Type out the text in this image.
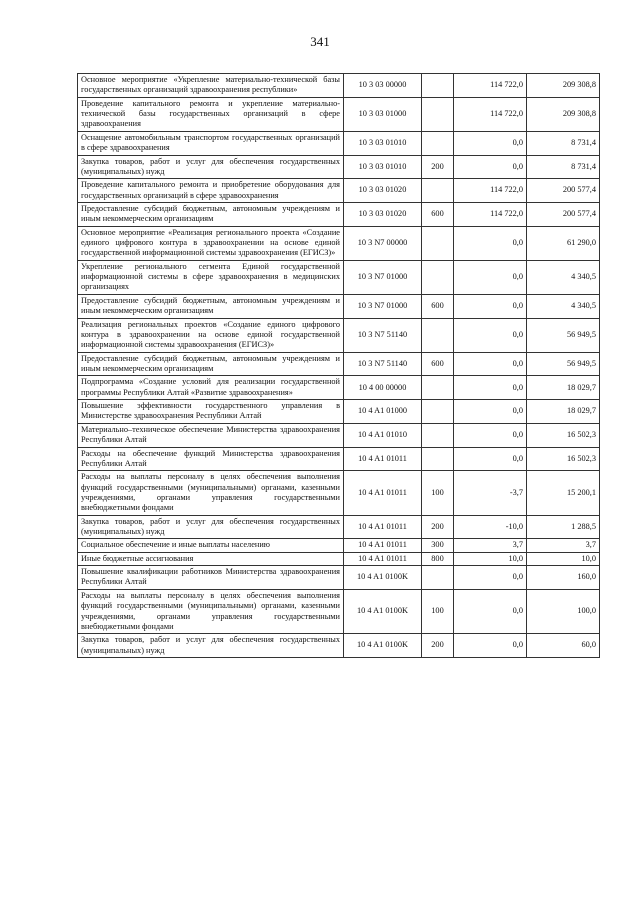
341
Основное мероприятие «Укрепление материально-технической базы государственных организаций здравоохранения республики»	10 3 03 00000		114 722,0	209 308,8
Проведение капитального ремонта и укрепление материально-технической базы государственных организаций в сфере здравоохранения	10 3 03 01000		114 722,0	209 308,8
Оснащение автомобильным транспортом государственных организаций в сфере здравоохранения	10 3 03 01010		0,0	8 731,4
Закупка товаров, работ и услуг для обеспечения государственных (муниципальных) нужд	10 3 03 01010	200	0,0	8 731,4
Проведение капитального ремонта и приобретение оборудования для государственных организаций в сфере здравоохранения	10 3 03 01020		114 722,0	200 577,4
Предоставление субсидий бюджетным, автономным учреждениям и иным некоммерческим организациям	10 3 03 01020	600	114 722,0	200 577,4
Основное мероприятие «Реализация регионального проекта «Создание единого цифрового контура в здравоохранении на основе единой государственной информационной системы здравоохранения (ЕГИСЗ)»	10 3 N7 00000		0,0	61 290,0
Укрепление регионального сегмента Единой государственной информационной системы в сфере здравоохранения в медицинских организациях	10 3 N7 01000		0,0	4 340,5
Предоставление субсидий бюджетным, автономным учреждениям и иным некоммерческим организациям	10 3 N7 01000	600	0,0	4 340,5
Реализация региональных проектов «Создание единого цифрового контура в здравоохранении на основе единой государственной информационной системы здравоохранения (ЕГИСЗ)»	10 3 N7 51140		0,0	56 949,5
Предоставление субсидий бюджетным, автономным учреждениям и иным некоммерческим организациям	10 3 N7 51140	600	0,0	56 949,5
Подпрограмма «Создание условий для реализации государственной программы Республики Алтай «Развитие здравоохранения»	10 4 00 00000		0,0	18 029,7
Повышение эффективности государственного управления в Министерстве здравоохранения Республики Алтай	10 4 A1 01000		0,0	18 029,7
Материально–техническое обеспечение Министерства здравоохранения Республики Алтай	10 4 A1 01010		0,0	16 502,3
Расходы на обеспечение функций Министерства здравоохранения Республики Алтай	10 4 A1 01011		0,0	16 502,3
Расходы на выплаты персоналу в целях обеспечения выполнения функций государственными (муниципальными) органами, казенными учреждениями, органами управления государственными внебюджетными фондами	10 4 A1 01011	100	-3,7	15 200,1
Закупка товаров, работ и услуг для обеспечения государственных (муниципальных) нужд	10 4 A1 01011	200	-10,0	1 288,5
Социальное обеспечение и иные выплаты населению	10 4 A1 01011	300	3,7	3,7
Иные бюджетные ассигнования	10 4 A1 01011	800	10,0	10,0
Повышение квалификации работников Министерства здравоохранения Республики Алтай	10 4 A1 0100K		0,0	160,0
Расходы на выплаты персоналу в целях обеспечения выполнения функций государственными (муниципальными) органами, казенными учреждениями, органами управления государственными внебюджетными фондами	10 4 A1 0100K	100	0,0	100,0
Закупка товаров, работ и услуг для обеспечения государственных (муниципальных) нужд	10 4 A1 0100K	200	0,0	60,0
